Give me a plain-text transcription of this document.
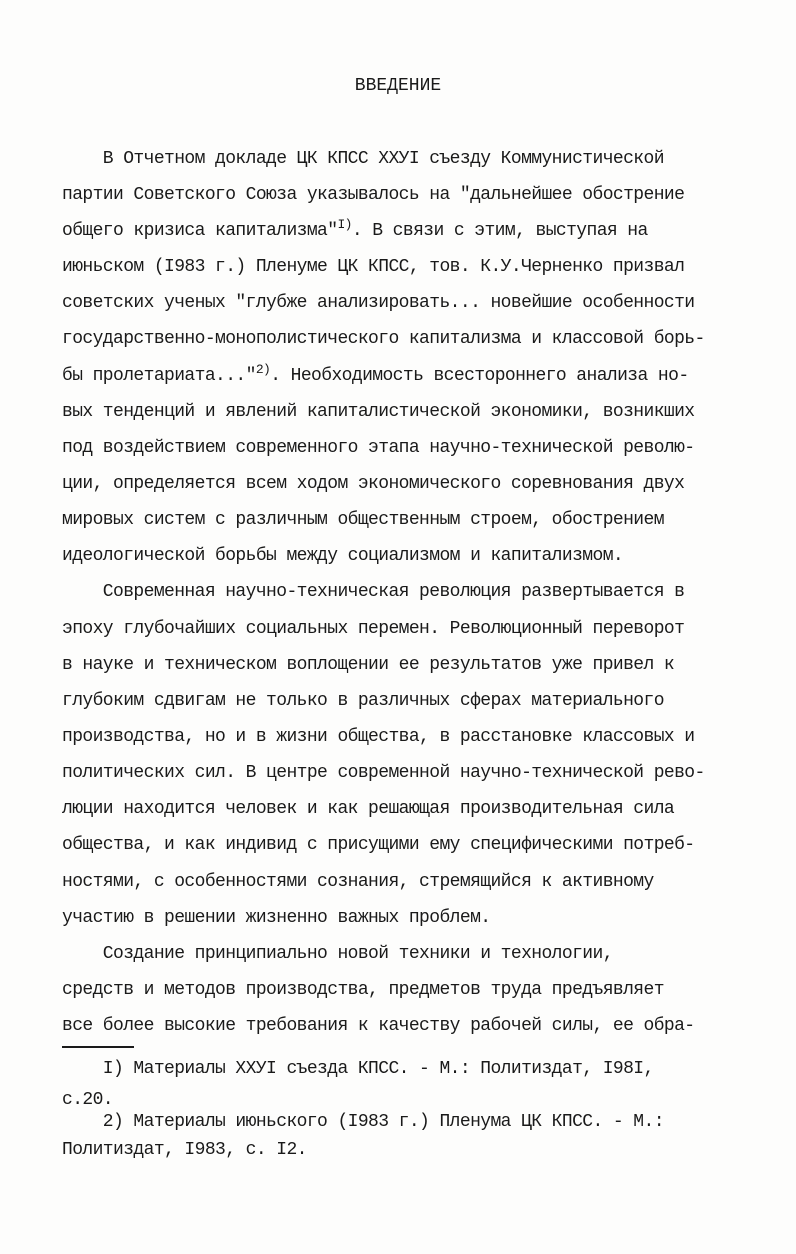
ВВЕДЕНИЕ
В Отчетном докладе ЦК КПСС ХХУI съезду Коммунистической
партии Советского Союза указывалось на "дальнейшее обострение
общего кризиса капитализма"$^{I)}$. В связи с этим, выступая на
июньском (I983 г.) Пленуме ЦК КПСС, тов. К.У.Черненко призвал
советских ученых "глубже анализировать... новейшие особенности
государственно-монополистического капитализма и классовой борь-
бы пролетариата..."$^{2)}$. Необходимость всестороннего анализа но-
вых тенденций и явлений капиталистической экономики, возникших
под воздействием современного этапа научно-технической револю-
ции, определяется всем ходом экономического соревнования двух
мировых систем с различным общественным строем, обострением
идеологической борьбы между социализмом и капитализмом.
Современная научно-техническая революция развертывается в
эпоху глубочайших социальных перемен. Революционный переворот
в науке и техническом воплощении ее результатов уже привел к
глубоким сдвигам не только в различных сферах материального
производства, но и в жизни общества, в расстановке классовых и
политических сил. В центре современной научно-технической рево-
люции находится человек и как решающая производительная сила
общества, и как индивид с присущими ему специфическими потреб-
ностями, с особенностями сознания, стремящийся к активному
участию в решении жизненно важных проблем.
Создание принципиально новой техники и технологии,
средств и методов производства, предметов труда предъявляет
все более высокие требования к качеству рабочей силы, ее обра-
I) Материалы ХХУI съезда КПСС. - М.: Политиздат, I98I,
с.20.
2) Материалы июньского (I983 г.) Пленума ЦК КПСС. - М.:
Политиздат, I983, с. I2.
